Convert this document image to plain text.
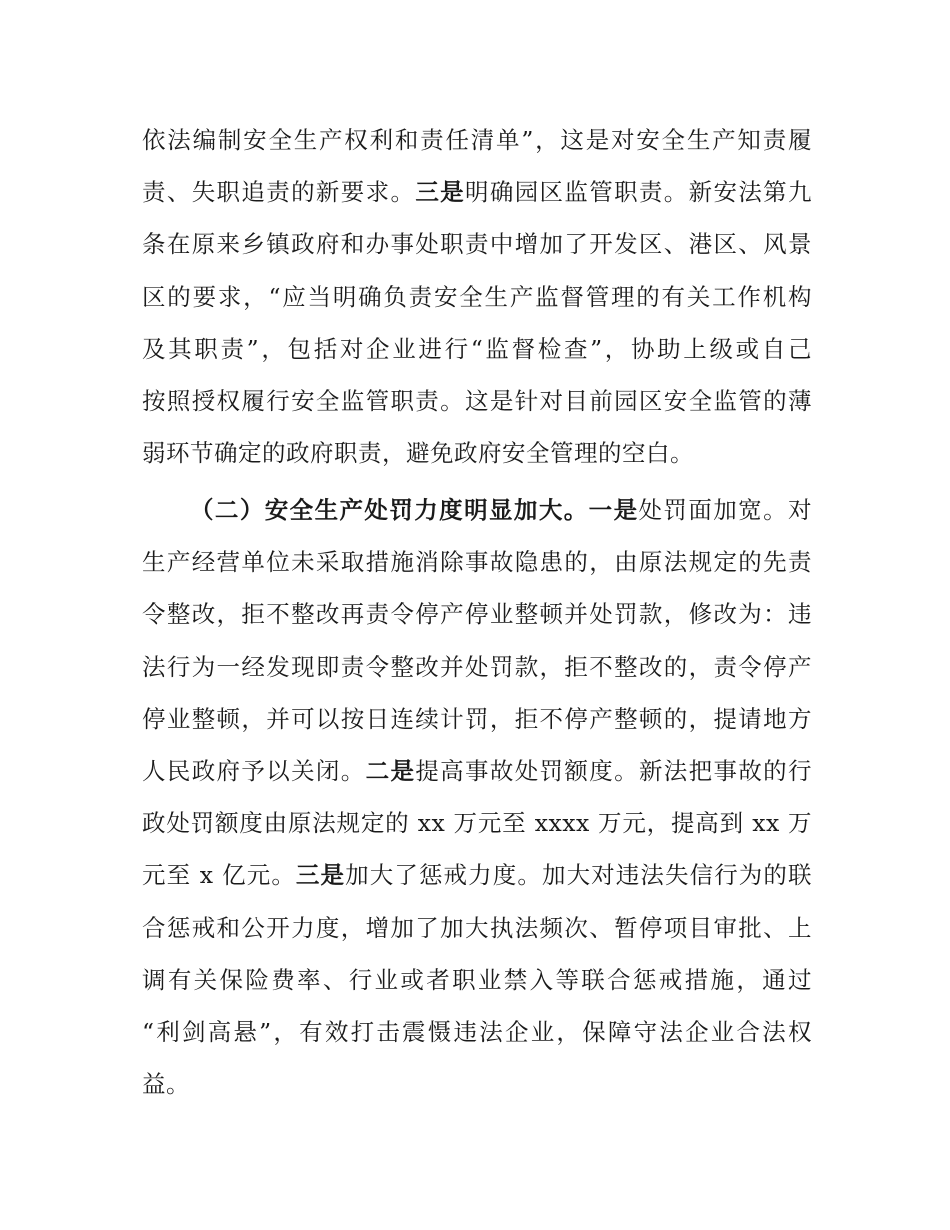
依法编制安全生产权利和责任清单”，这是对安全生产知责履
责、失职追责的新要求。三是明确园区监管职责。新安法第九
条在原来乡镇政府和办事处职责中增加了开发区、港区、风景
区的要求，“应当明确负责安全生产监督管理的有关工作机构
及其职责”，包括对企业进行“监督检查”，协助上级或自己
按照授权履行安全监管职责。这是针对目前园区安全监管的薄
弱环节确定的政府职责，避免政府安全管理的空白。
（二）安全生产处罚力度明显加大。一是处罚面加宽。对
生产经营单位未采取措施消除事故隐患的，由原法规定的先责
令整改，拒不整改再责令停产停业整顿并处罚款，修改为：违
法行为一经发现即责令整改并处罚款，拒不整改的，责令停产
停业整顿，并可以按日连续计罚，拒不停产整顿的，提请地方
人民政府予以关闭。二是提高事故处罚额度。新法把事故的行
政处罚额度由原法规定的 xx 万元至 xxxx 万元，提高到 xx 万
元至 x 亿元。三是加大了惩戒力度。加大对违法失信行为的联
合惩戒和公开力度，增加了加大执法频次、暂停项目审批、上
调有关保险费率、行业或者职业禁入等联合惩戒措施，通过
“利剑高悬”，有效打击震慑违法企业，保障守法企业合法权
益。
